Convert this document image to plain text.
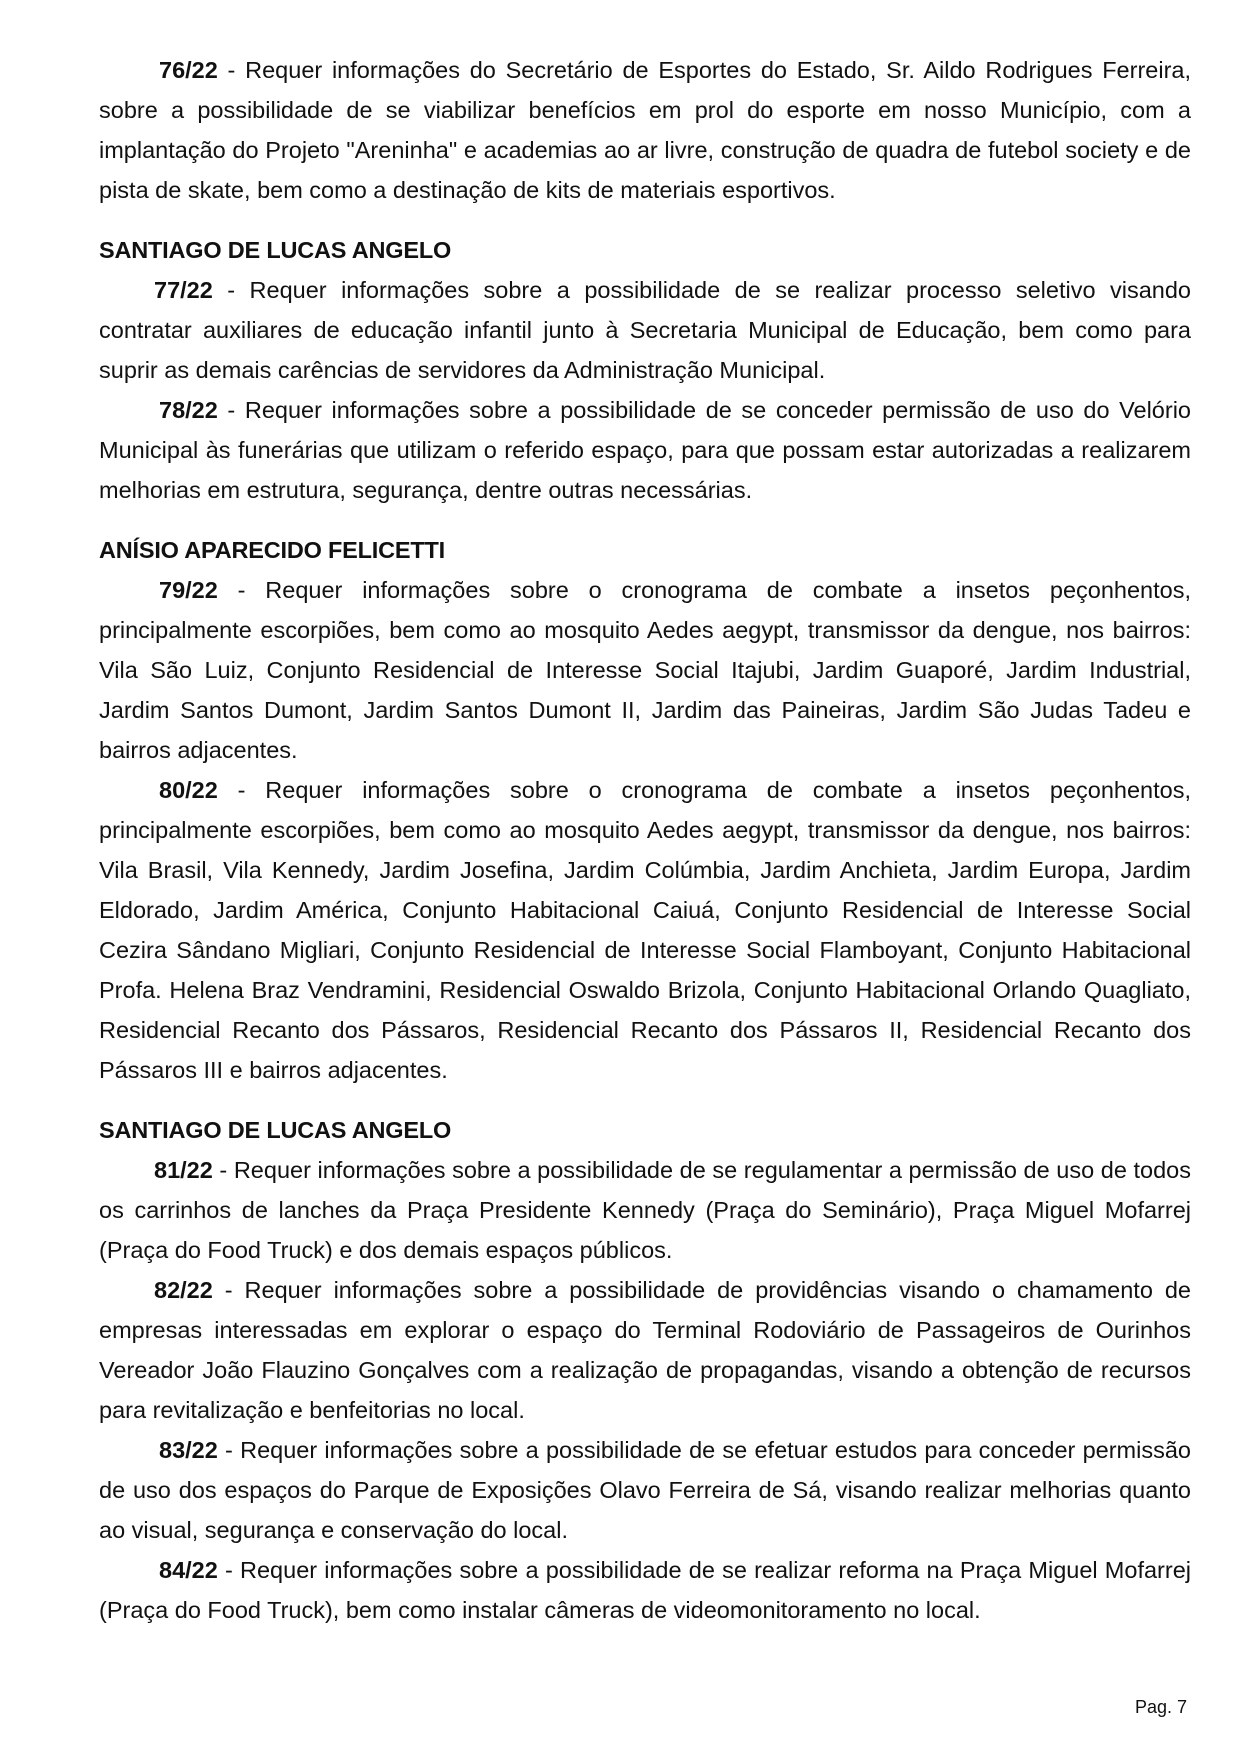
76/22 - Requer informações do Secretário de Esportes do Estado, Sr. Aildo Rodrigues Ferreira, sobre a possibilidade de se viabilizar benefícios em prol do esporte em nosso Município, com a implantação do Projeto "Areninha" e academias ao ar livre, construção de quadra de futebol society e de pista de skate, bem como a destinação de kits de materiais esportivos.

SANTIAGO DE LUCAS ANGELO

77/22 - Requer informações sobre a possibilidade de se realizar processo seletivo visando contratar auxiliares de educação infantil junto à Secretaria Municipal de Educação, bem como para suprir as demais carências de servidores da Administração Municipal.

78/22 - Requer informações sobre a possibilidade de se conceder permissão de uso do Velório Municipal às funerárias que utilizam o referido espaço, para que possam estar autorizadas a realizarem melhorias em estrutura, segurança, dentre outras necessárias.

ANÍSIO APARECIDO FELICETTI

79/22 - Requer informações sobre o cronograma de combate a insetos peçonhentos, principalmente escorpiões, bem como ao mosquito Aedes aegypt, transmissor da dengue, nos bairros: Vila São Luiz, Conjunto Residencial de Interesse Social Itajubi, Jardim Guaporé, Jardim Industrial, Jardim Santos Dumont, Jardim Santos Dumont II, Jardim das Paineiras, Jardim São Judas Tadeu e bairros adjacentes.

80/22 - Requer informações sobre o cronograma de combate a insetos peçonhentos, principalmente escorpiões, bem como ao mosquito Aedes aegypt, transmissor da dengue, nos bairros: Vila Brasil, Vila Kennedy, Jardim Josefina, Jardim Colúmbia, Jardim Anchieta, Jardim Europa, Jardim Eldorado, Jardim América, Conjunto Habitacional Caiuá, Conjunto Residencial de Interesse Social Cezira Sândano Migliari, Conjunto Residencial de Interesse Social Flamboyant, Conjunto Habitacional Profa. Helena Braz Vendramini, Residencial Oswaldo Brizola, Conjunto Habitacional Orlando Quagliato, Residencial Recanto dos Pássaros, Residencial Recanto dos Pássaros II, Residencial Recanto dos Pássaros III e bairros adjacentes.

SANTIAGO DE LUCAS ANGELO

81/22 - Requer informações sobre a possibilidade de se regulamentar a permissão de uso de todos os carrinhos de lanches da Praça Presidente Kennedy (Praça do Seminário), Praça Miguel Mofarrej (Praça do Food Truck) e dos demais espaços públicos.

82/22 - Requer informações sobre a possibilidade de providências visando o chamamento de empresas interessadas em explorar o espaço do Terminal Rodoviário de Passageiros de Ourinhos Vereador João Flauzino Gonçalves com a realização de propagandas, visando a obtenção de recursos para revitalização e benfeitorias no local.

83/22 - Requer informações sobre a possibilidade de se efetuar estudos para conceder permissão de uso dos espaços do Parque de Exposições Olavo Ferreira de Sá, visando realizar melhorias quanto ao visual, segurança e conservação do local.

84/22 - Requer informações sobre a possibilidade de se realizar reforma na Praça Miguel Mofarrej (Praça do Food Truck), bem como instalar câmeras de videomonitoramento no local.

Pag. 7
